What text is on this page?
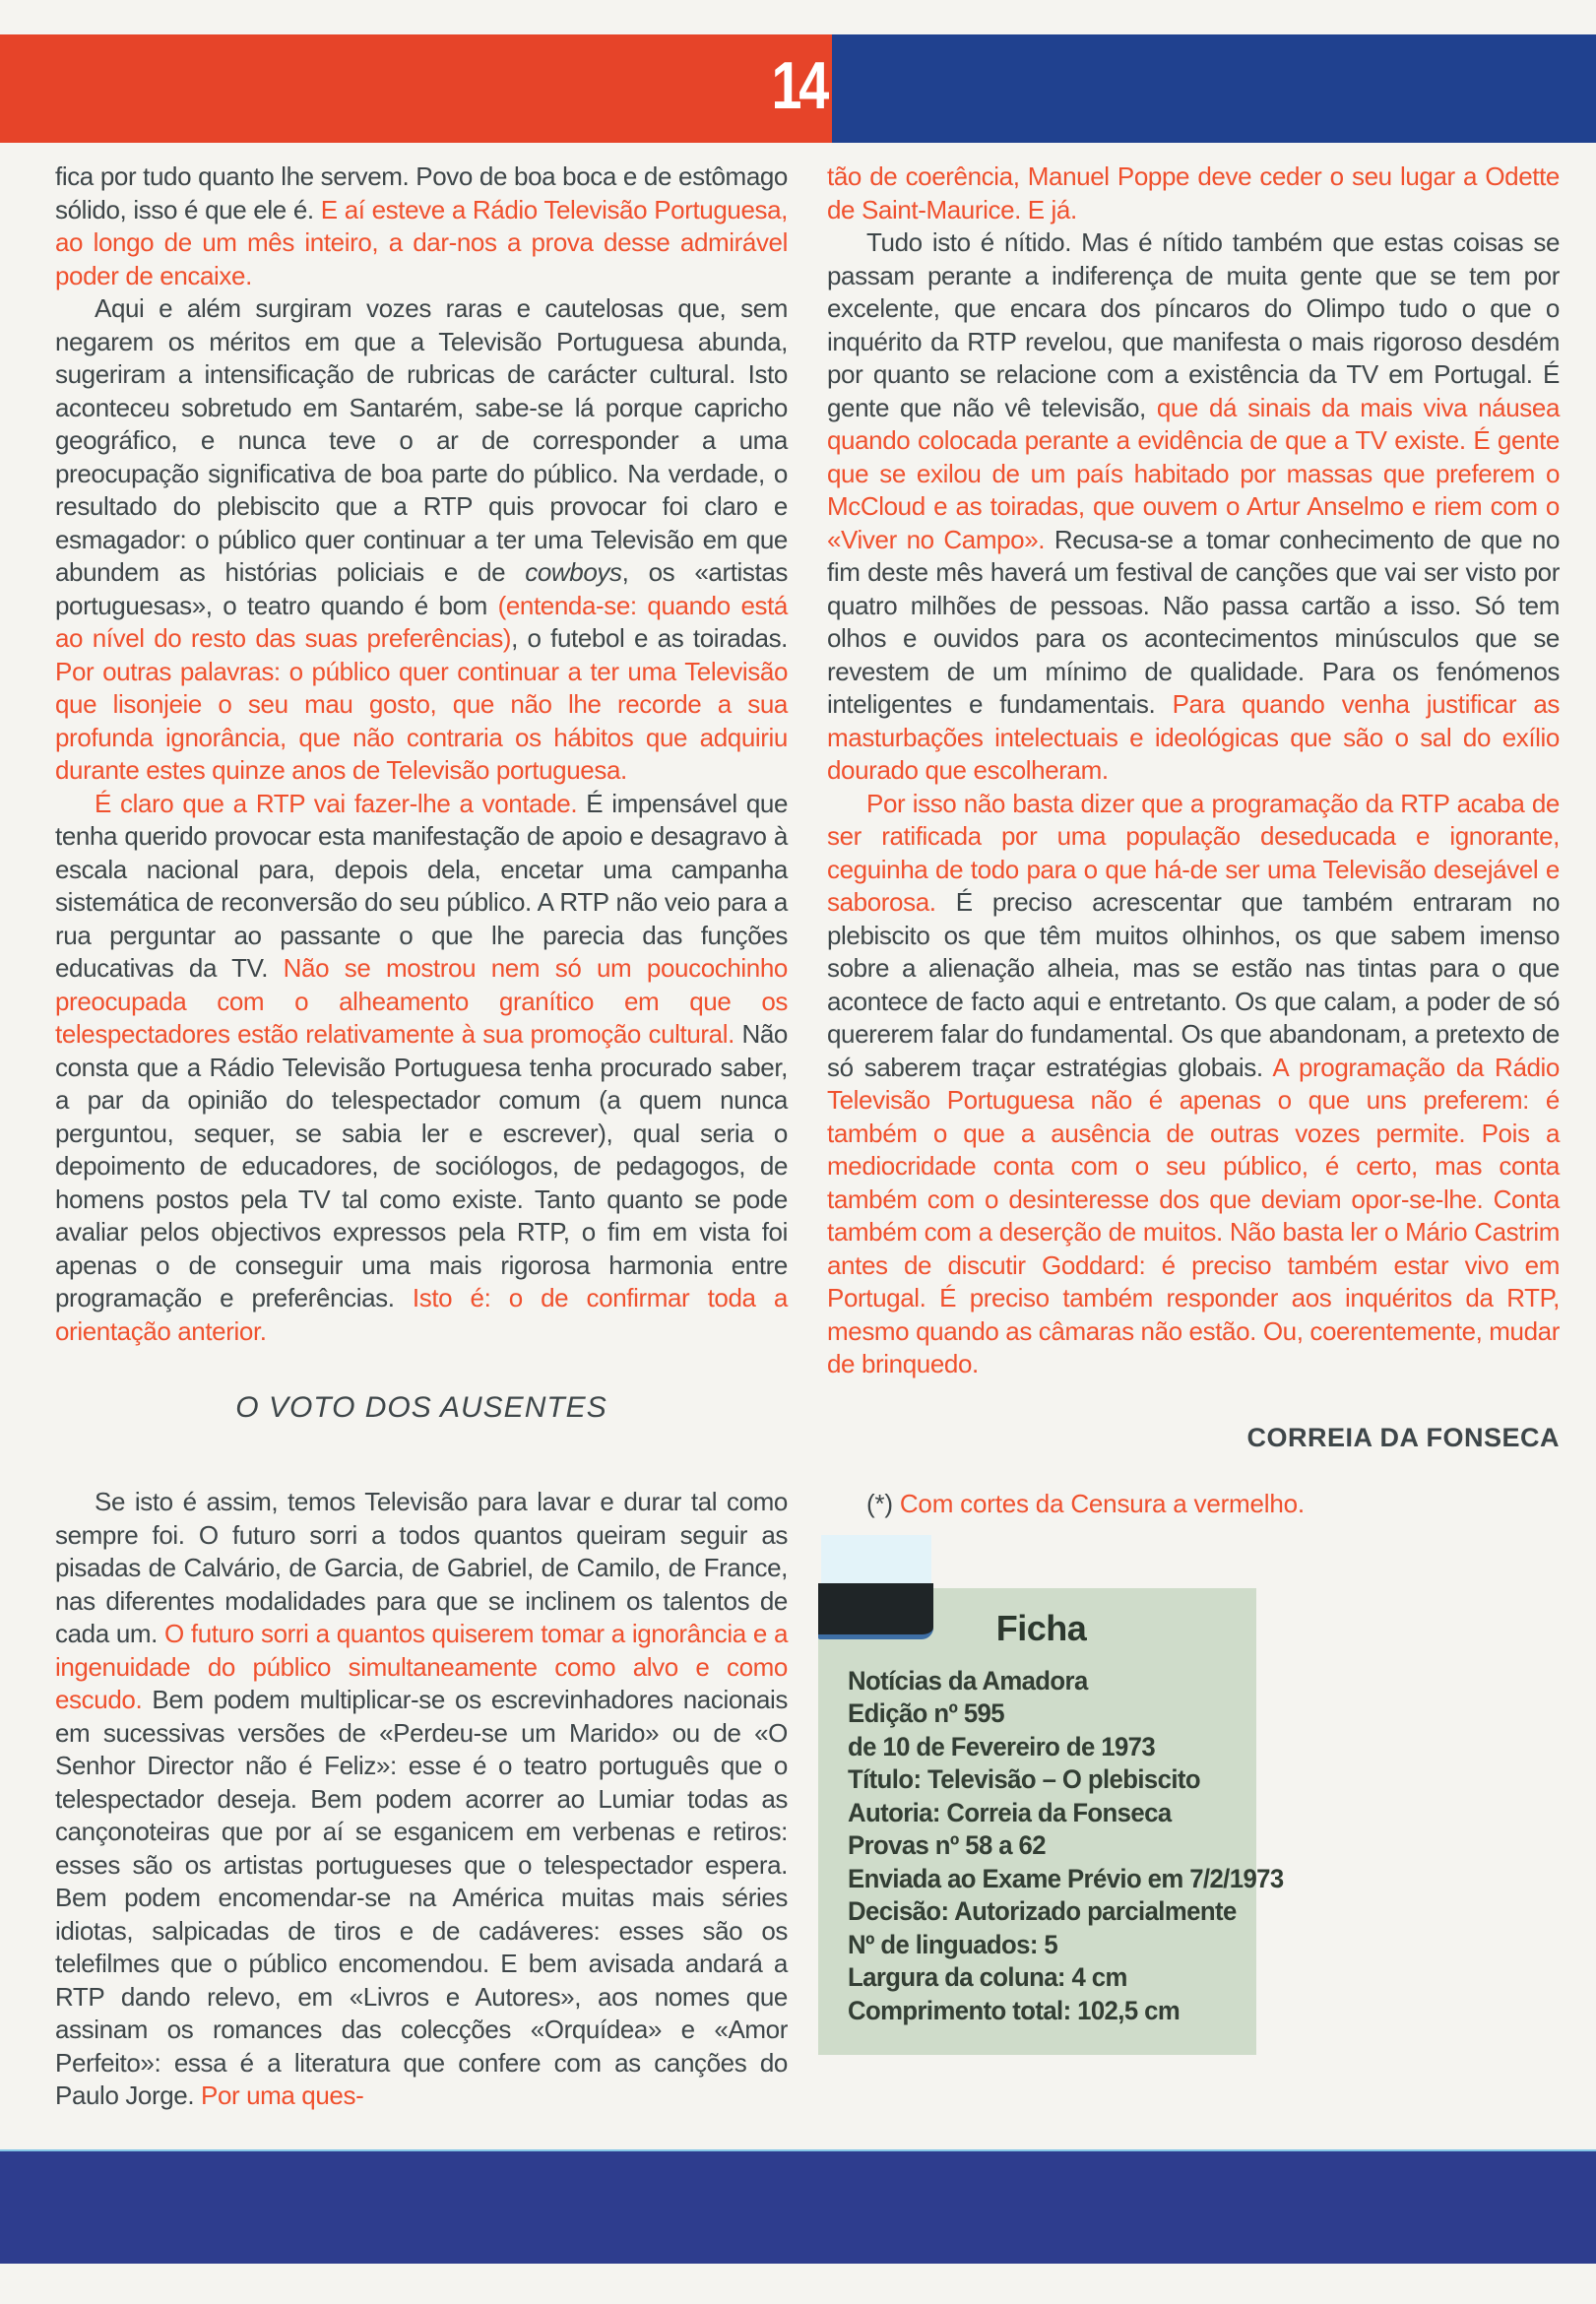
14

fica por tudo quanto lhe servem. Povo de boa boca e de estômago sólido, isso é que ele é. E aí esteve a Rádio Televisão Portuguesa, ao longo de um mês inteiro, a dar-nos a prova desse admirável poder de encaixe.

Aqui e além surgiram vozes raras e cautelosas que, sem negarem os méritos em que a Televisão Portuguesa abunda, sugeriram a intensificação de rubricas de carácter cultural. Isto aconteceu sobretudo em Santarém, sabe-se lá porque capricho geográfico, e nunca teve o ar de corresponder a uma preocupação significativa de boa parte do público. Na verdade, o resultado do plebiscito que a RTP quis provocar foi claro e esmagador: o público quer continuar a ter uma Televisão em que abundem as histórias policiais e de cowboys, os «artistas portuguesas», o teatro quando é bom (entenda-se: quando está ao nível do resto das suas preferências), o futebol e as toiradas. Por outras palavras: o público quer continuar a ter uma Televisão que lisonjeie o seu mau gosto, que não lhe recorde a sua profunda ignorância, que não contraria os hábitos que adquiriu durante estes quinze anos de Televisão portuguesa.

É claro que a RTP vai fazer-lhe a vontade. É impensável que tenha querido provocar esta manifestação de apoio e desagravo à escala nacional para, depois dela, encetar uma campanha sistemática de reconversão do seu público. A RTP não veio para a rua perguntar ao passante o que lhe parecia das funções educativas da TV. Não se mostrou nem só um poucochinho preocupada com o alheamento granítico em que os telespectadores estão relativamente à sua promoção cultural. Não consta que a Rádio Televisão Portuguesa tenha procurado saber, a par da opinião do telespectador comum (a quem nunca perguntou, sequer, se sabia ler e escrever), qual seria o depoimento de educadores, de sociólogos, de pedagogos, de homens postos pela TV tal como existe. Tanto quanto se pode avaliar pelos objectivos expressos pela RTP, o fim em vista foi apenas o de conseguir uma mais rigorosa harmonia entre programação e preferências. Isto é: o de confirmar toda a orientação anterior.

O VOTO DOS AUSENTES

Se isto é assim, temos Televisão para lavar e durar tal como sempre foi. O futuro sorri a todos quantos queiram seguir as pisadas de Calvário, de Garcia, de Gabriel, de Camilo, de France, nas diferentes modalidades para que se inclinem os talentos de cada um. O futuro sorri a quantos quiserem tomar a ignorância e a ingenuidade do público simultaneamente como alvo e como escudo. Bem podem multiplicar-se os escrevinhadores nacionais em sucessivas versões de «Perdeu-se um Marido» ou de «O Senhor Director não é Feliz»: esse é o teatro português que o telespectador deseja. Bem podem acorrer ao Lumiar todas as cançonoteiras que por aí se esganicem em verbenas e retiros: esses são os artistas portugueses que o telespectador espera. Bem podem encomendar-se na América muitas mais séries idiotas, salpicadas de tiros e de cadáveres: esses são os telefilmes que o público encomendou. E bem avisada andará a RTP dando relevo, em «Livros e Autores», aos nomes que assinam os romances das colecções «Orquídea» e «Amor Perfeito»: essa é a literatura que confere com as canções do Paulo Jorge. Por uma ques-

tão de coerência, Manuel Poppe deve ceder o seu lugar a Odette de Saint-Maurice. E já.

Tudo isto é nítido. Mas é nítido também que estas coisas se passam perante a indiferença de muita gente que se tem por excelente, que encara dos píncaros do Olimpo tudo o que o inquérito da RTP revelou, que manifesta o mais rigoroso desdém por quanto se relacione com a existência da TV em Portugal. É gente que não vê televisão, que dá sinais da mais viva náusea quando colocada perante a evidência de que a TV existe. É gente que se exilou de um país habitado por massas que preferem o McCloud e as toiradas, que ouvem o Artur Anselmo e riem com o «Viver no Campo». Recusa-se a tomar conhecimento de que no fim deste mês haverá um festival de canções que vai ser visto por quatro milhões de pessoas. Não passa cartão a isso. Só tem olhos e ouvidos para os acontecimentos minúsculos que se revestem de um mínimo de qualidade. Para os fenómenos inteligentes e fundamentais. Para quando venha justificar as masturbações intelectuais e ideológicas que são o sal do exílio dourado que escolheram.

Por isso não basta dizer que a programação da RTP acaba de ser ratificada por uma população deseducada e ignorante, ceguinha de todo para o que há-de ser uma Televisão desejável e saborosa. É preciso acrescentar que também entraram no plebiscito os que têm muitos olhinhos, os que sabem imenso sobre a alienação alheia, mas se estão nas tintas para o que acontece de facto aqui e entretanto. Os que calam, a poder de só quererem falar do fundamental. Os que abandonam, a pretexto de só saberem traçar estratégias globais. A programação da Rádio Televisão Portuguesa não é apenas o que uns preferem: é também o que a ausência de outras vozes permite. Pois a mediocridade conta com o seu público, é certo, mas conta também com o desinteresse dos que deviam opor-se-lhe. Conta também com a deserção de muitos. Não basta ler o Mário Castrim antes de discutir Goddard: é preciso também estar vivo em Portugal. É preciso também responder aos inquéritos da RTP, mesmo quando as câmaras não estão. Ou, coerentemente, mudar de brinquedo.

CORREIA DA FONSECA
(*) Com cortes da Censura a vermelho.
Ficha
Notícias da Amadora
Edição nº 595
de 10 de Fevereiro de 1973
Título: Televisão – O plebiscito
Autoria: Correia da Fonseca
Provas nº 58 a 62
Enviada ao Exame Prévio em 7/2/1973
Decisão: Autorizado parcialmente
Nº de linguados: 5
Largura da coluna: 4 cm
Comprimento total: 102,5 cm
